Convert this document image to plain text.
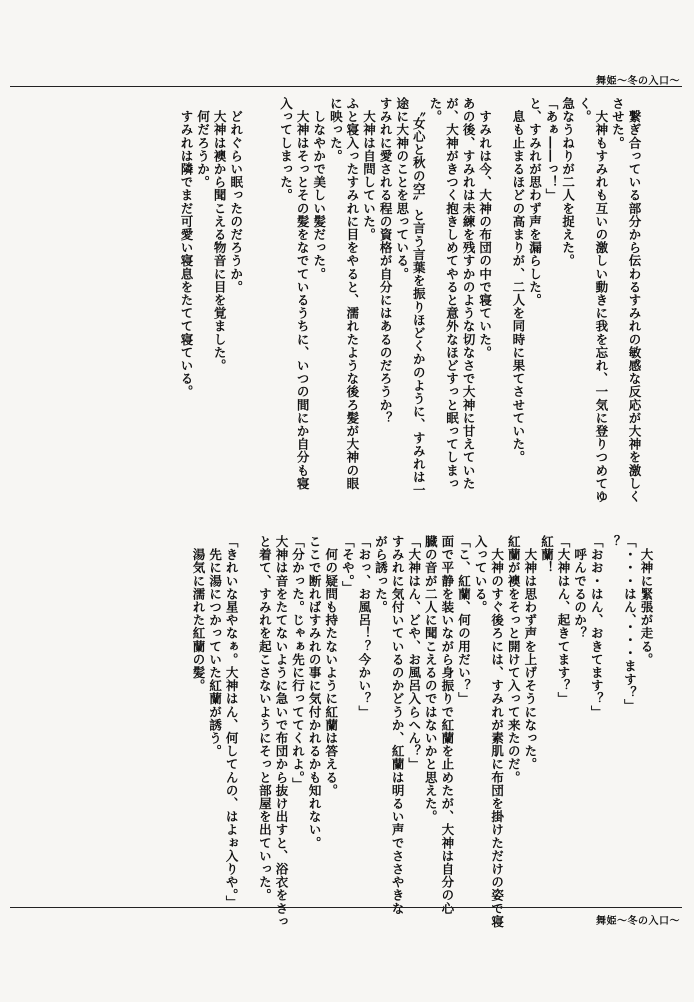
舞姫〜冬の入口〜
　繋ぎ合っている部分から伝わるすみれの敏感な反応が大神を激しく
させた。
　大神もすみれも互いの激しい動きに我を忘れ、一気に登りつめてゆ
く。
急なうねりが二人を捉えた。
「あぁ――っ！」
と、すみれが思わず声を漏らした。
　息も止まるほどの高まりが、二人を同時に果てさせていた。
　すみれは今、大神の布団の中で寝ていた。
あの後、すみれは未練を残すかのような切なさで大神に甘えていた
が、大神がきつく抱きしめてやると意外なほどすっと眠ってしまっ
た。
　〝女心と秋の空〟と言う言葉を振りほどくかのように、すみれは一
途に大神のことを思っている。
すみれに愛される程の資格が自分にはあるのだろうか？
　大神は自問していた。
ふと寝入ったすみれに目をやると、濡れたような後ろ髪が大神の眼
に映った。
　しなやかで美しい髪だった。
　大神はそっとその髪をなでているうちに、いつの間にか自分も寝
入ってしまった。
　どれぐらい眠ったのだろうか。
　大神は襖から聞こえる物音に目を覚ました。
　何だろうか。
　すみれは隣でまだ可愛い寝息をたてて寝ている。
　大神に緊張が走る。
「・・・はん、・・・ます？」
？
「おお・はん、おきてます？」
　呼んでるのか？
「大神はん、起きてます？」
紅蘭！
　大神は思わず声を上げそうになった。
紅蘭が襖をそっと開けて入って来たのだ。
　大神のすぐ後ろには、すみれが素肌に布団を掛けただけの姿で寝
入っている。
「こ、紅蘭、何の用だい？」
面で平静を装いながら身振りで紅蘭を止めたが、大神は自分の心
臓の音が二人に聞こえるのではないかと思えた。
「大神はん、どや、お風呂入らへん？」
すみれに気付いているのかどうか、紅蘭は明るい声でささやきな
がら誘った。
「おっ、お風呂！？今かい？」
「そや。」
　何の疑問も持たないように紅蘭は答える。
ここで断ればすみれの事に気付かれるかも知れない。
「分かった。じゃぁ先に行っててくれよ。」
大神は音をたてないように急いで布団から抜け出すと、浴衣をさっ
と着て、すみれを起こさないようにそっと部屋を出ていった。
「きれいな星やなぁ。大神はん、何してんの、はよぉ入りや。」
　先に湯につかっていた紅蘭が誘う。
　湯気に濡れた紅蘭の髪。
舞姫〜冬の入口〜
